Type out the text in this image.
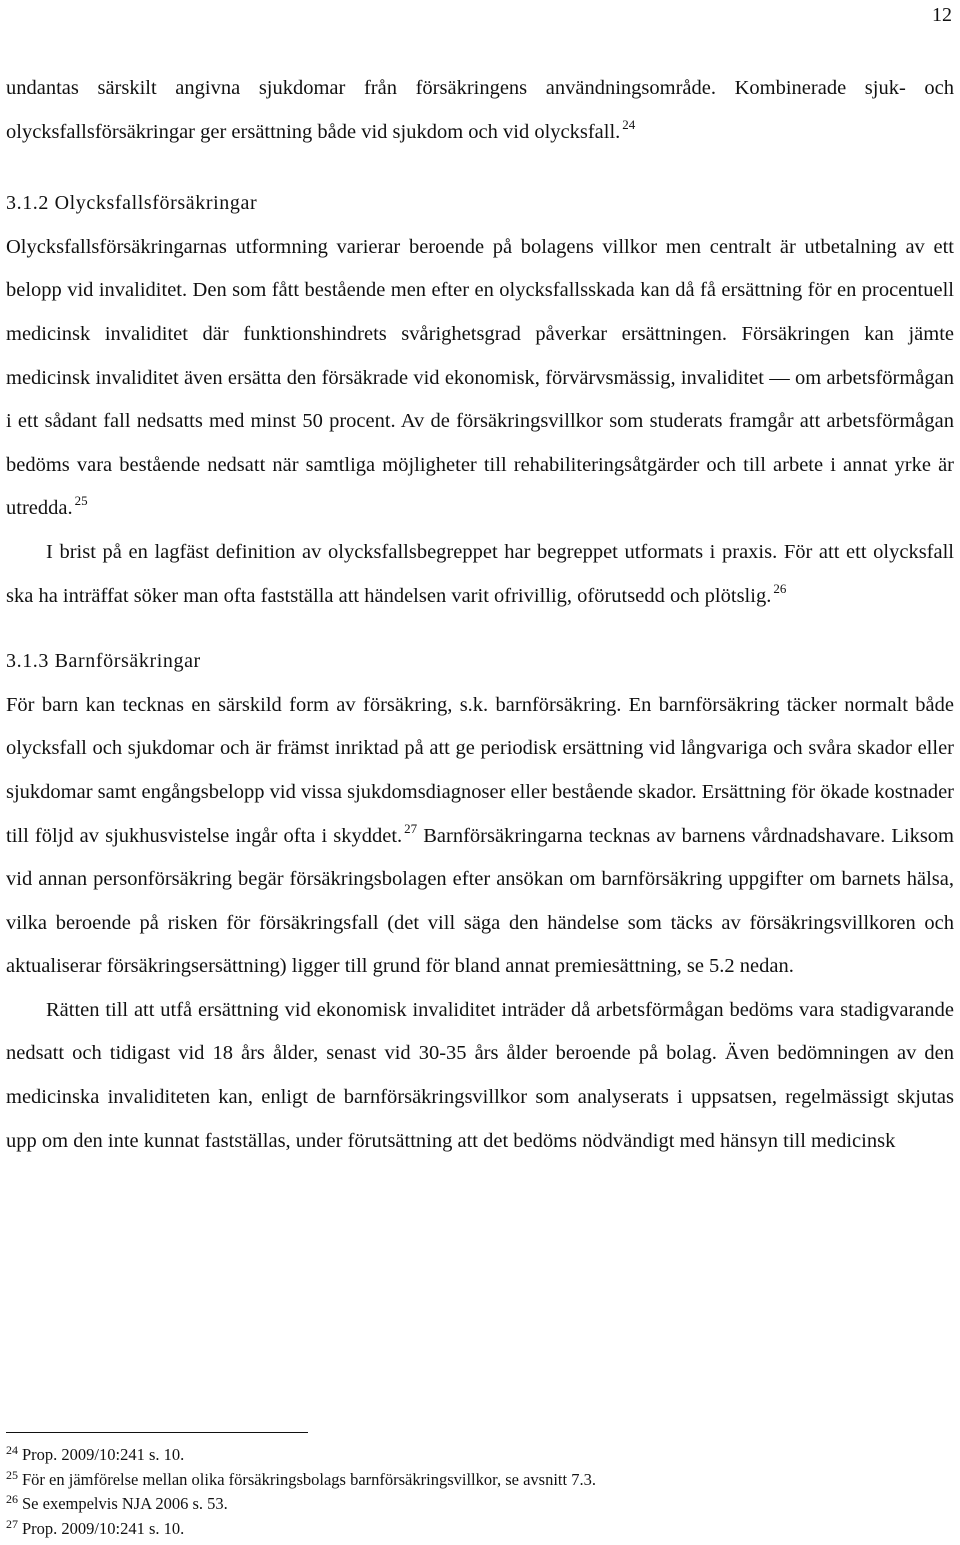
12

undantas särskilt angivna sjukdomar från försäkringens användningsområde. Kombinerade sjuk- och olycksfallsförsäkringar ger ersättning både vid sjukdom och vid olycksfall. $^{24}$

3.1.2 Olycksfallsförsäkringar

Olycksfallsförsäkringarnas utformning varierar beroende på bolagens villkor men centralt är utbetalning av ett belopp vid invaliditet. Den som fått bestående men efter en olycksfallsskada kan då få ersättning för en procentuell medicinsk invaliditet där funktionshindrets svårighetsgrad påverkar ersättningen. Försäkringen kan jämte medicinsk invaliditet även ersätta den försäkrade vid ekonomisk, förvärvsmässig, invaliditet — om arbetsförmågan i ett sådant fall nedsatts med minst 50 procent. Av de försäkringsvillkor som studerats framgår att arbetsförmågan bedöms vara bestående nedsatt när samtliga möjligheter till rehabiliteringsåtgärder och till arbete i annat yrke är utredda. $^{25}$

I brist på en lagfäst definition av olycksfallsbegreppet har begreppet utformats i praxis. För att ett olycksfall ska ha inträffat söker man ofta fastställa att händelsen varit ofrivillig, oförutsedd och plötslig. $^{26}$

3.1.3 Barnförsäkringar

För barn kan tecknas en särskild form av försäkring, s.k. barnförsäkring. En barnförsäkring täcker normalt både olycksfall och sjukdomar och är främst inriktad på att ge periodisk ersättning vid långvariga och svåra skador eller sjukdomar samt engångsbelopp vid vissa sjukdomsdiagnoser eller bestående skador. Ersättning för ökade kostnader till följd av sjukhusvistelse ingår ofta i skyddet. $^{27}$ Barnförsäkringarna tecknas av barnens vårdnadshavare. Liksom vid annan personförsäkring begär försäkringsbolagen efter ansökan om barnförsäkring uppgifter om barnets hälsa, vilka beroende på risken för försäkringsfall (det vill säga den händelse som täcks av försäkringsvillkoren och aktualiserar försäkringsersättning) ligger till grund för bland annat premiesättning, se 5.2 nedan.

Rätten till att utfå ersättning vid ekonomisk invaliditet inträder då arbetsförmågan bedöms vara stadigvarande nedsatt och tidigast vid 18 års ålder, senast vid 30-35 års ålder beroende på bolag. Även bedömningen av den medicinska invaliditeten kan, enligt de barnförsäkringsvillkor som analyserats i uppsatsen, regelmässigt skjutas upp om den inte kunnat fastställas, under förutsättning att det bedöms nödvändigt med hänsyn till medicinsk

$^{24}$ Prop. 2009/10:241 s. 10.

$^{25}$ För en jämförelse mellan olika försäkringsbolags barnförsäkringsvillkor, se avsnitt 7.3.

$^{26}$ Se exempelvis NJA 2006 s. 53.

$^{27}$ Prop. 2009/10:241 s. 10.
